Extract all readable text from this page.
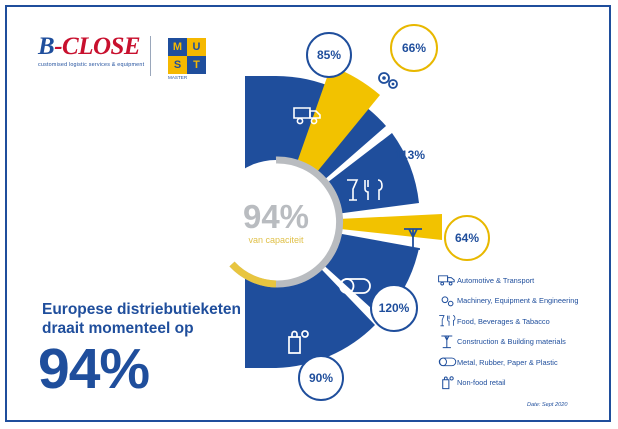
B-CLOSE
customised logistic services & equipment
M U
S	T
MASTER
Europese distriebutieketen
draait momenteel op
94%
85%	66%
113%
64%
120%
90%
94%
van capaciteit
Automotive & Transport
Machinery, Equipment & Engineering
Food, Beverages & Tabacco
Construction & Building materials
Metal, Rubber, Paper & Plastic
Non-food retail
Date: Sept 2020
